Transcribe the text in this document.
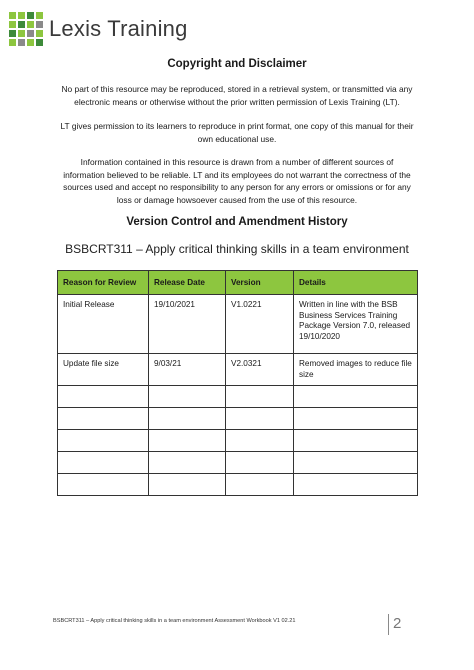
Lexis Training
Copyright and Disclaimer
No part of this resource may be reproduced, stored in a retrieval system, or transmitted via any electronic means or otherwise without the prior written permission of Lexis Training (LT).
LT gives permission to its learners to reproduce in print format, one copy of this manual for their own educational use.
Information contained in this resource is drawn from a number of different sources of information believed to be reliable. LT and its employees do not warrant the correctness of the sources used and accept no responsibility to any person for any errors or omissions or for any loss or damage howsoever caused from the use of this resource.
Version Control and Amendment History
BSBCRT311 – Apply critical thinking skills in a team environment
Reason for Review	Release Date	Version	Details
Initial Release	19/10/2021	V1.0221	Written in line with the BSB Business Services Training Package Version 7.0, released 19/10/2020
Update file size	9/03/21	V2.0321	Removed images to reduce file size

BSBCRT311 – Apply critical thinking skills in a team environment Assessment Workbook V1 02.21	2
